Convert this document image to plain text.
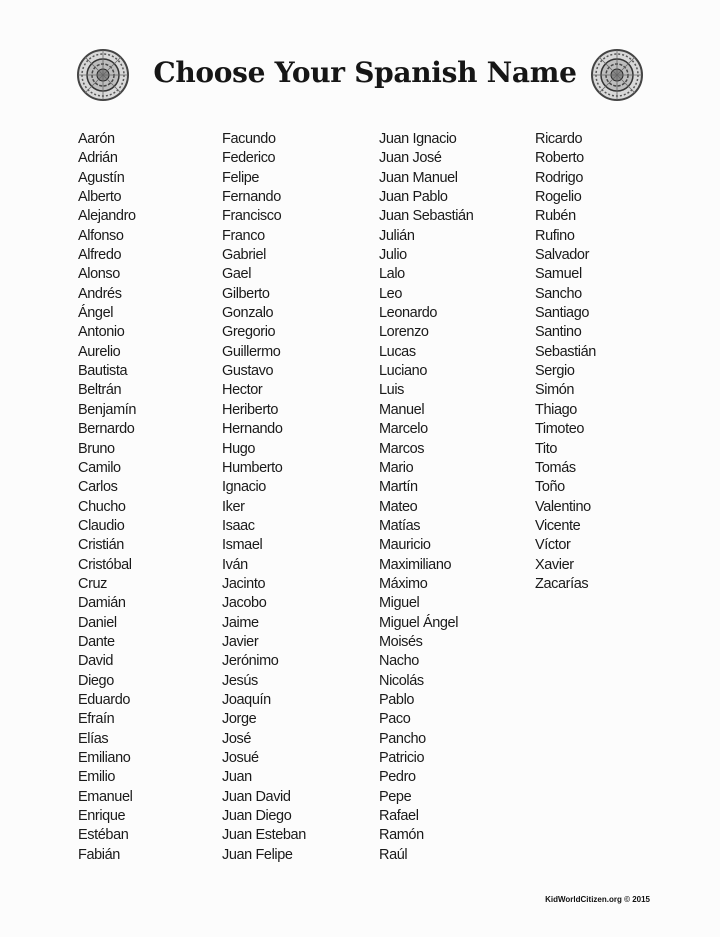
Choose Your Spanish Name
Aarón
Adrián
Agustín
Alberto
Alejandro
Alfonso
Alfredo
Alonso
Andrés
Ángel
Antonio
Aurelio
Bautista
Beltrán
Benjamín
Bernardo
Bruno
Camilo
Carlos
Chucho
Claudio
Cristián
Cristóbal
Cruz
Damián
Daniel
Dante
David
Diego
Eduardo
Efraín
Elías
Emiliano
Emilio
Emanuel
Enrique
Estéban
Fabián
Facundo
Federico
Felipe
Fernando
Francisco
Franco
Gabriel
Gael
Gilberto
Gonzalo
Gregorio
Guillermo
Gustavo
Hector
Heriberto
Hernando
Hugo
Humberto
Ignacio
Iker
Isaac
Ismael
Iván
Jacinto
Jacobo
Jaime
Javier
Jerónimo
Jesús
Joaquín
Jorge
José
Josué
Juan
Juan David
Juan Diego
Juan Esteban
Juan Felipe
Juan Ignacio
Juan José
Juan Manuel
Juan Pablo
Juan Sebastián
Julián
Julio
Lalo
Leo
Leonardo
Lorenzo
Lucas
Luciano
Luis
Manuel
Marcelo
Marcos
Mario
Martín
Mateo
Matías
Mauricio
Maximiliano
Máximo
Miguel
Miguel Ángel
Moisés
Nacho
Nicolás
Pablo
Paco
Pancho
Patricio
Pedro
Pepe
Rafael
Ramón
Raúl
Ricardo
Roberto
Rodrigo
Rogelio
Rubén
Rufino
Salvador
Samuel
Sancho
Santiago
Santino
Sebastián
Sergio
Simón
Thiago
Timoteo
Tito
Tomás
Toño
Valentino
Vicente
Víctor
Xavier
Zacarías
KidWorldCitizen.org © 2015
